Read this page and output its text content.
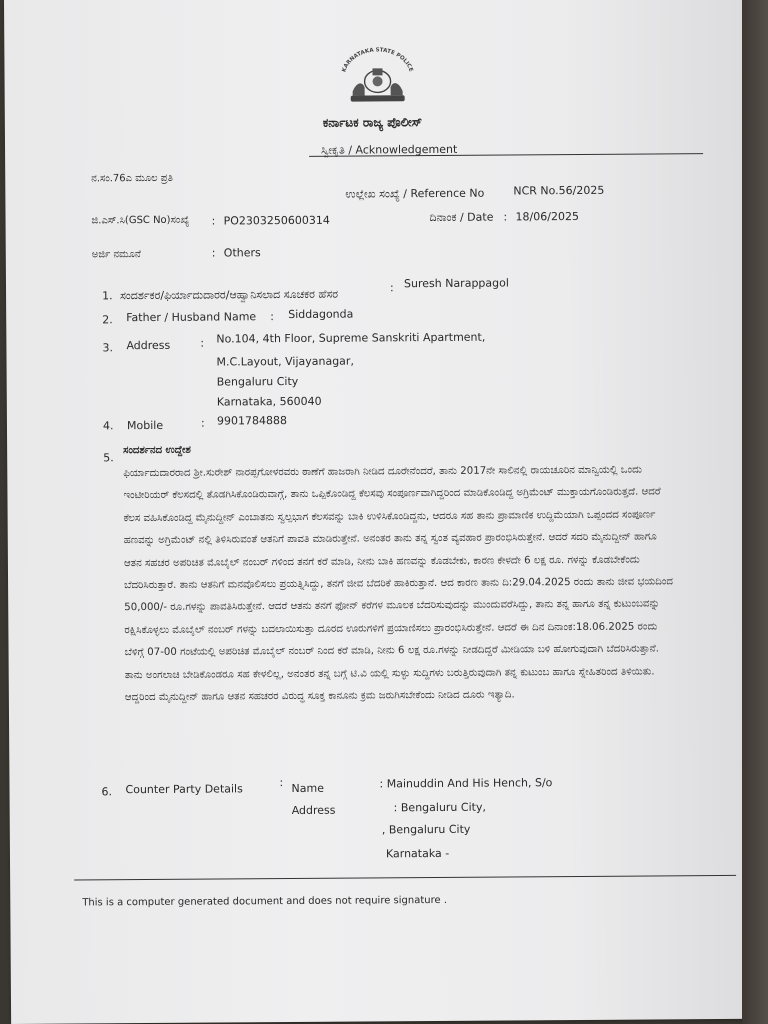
KARNATAKA STATE POLICE
ಕರ್ನಾಟಕ ರಾಜ್ಯ ಪೊಲೀಸ್
ಸ್ವೀಕೃತಿ / Acknowledgement
ನ.ಸಂ.76ಎ ಮೂಲ ಪ್ರತಿ
ಉಲ್ಲೇಖ ಸಂಖ್ಯೆ / Reference No	NCR No.56/2025
ಜಿ.ಎಸ್.ಸಿ(GSC No)ಸಂಖ್ಯೆ : PO2303250600314	ದಿನಾಂಕ / Date : 18/06/2025
ಅರ್ಜಿ ನಮೂನೆ	: Others
1. ಸಂದರ್ಶಕರ/ಫಿರ್ಯಾದುದಾರರ/ಆಹ್ವಾನಿಸಲಾದ ಸೂಚಕರ ಹೆಸರ	: Suresh Narappagol
2. Father / Husband Name : Siddagonda
3. Address	: No.104, 4th Floor, Supreme Sanskriti Apartment,
M.C.Layout, Vijayanagar,
Bengaluru City
Karnataka, 560040
4. Mobile	: 9901784888
5.
ಸಂದರ್ಶನದ ಉದ್ದೇಶ
ಫಿರ್ಯಾದುದಾರರಾದ ಶ್ರೀ.ಸುರೇಶ್ ನಾರಪ್ಪಗೋಳರವರು ಠಾಣೆಗೆ ಹಾಜರಾಗಿ ನೀಡಿದ ದೂರೇನೆಂದರೆ, ತಾನು 2017ನೇ ಸಾಲಿನಲ್ಲಿ ರಾಯಚೂರಿನ ಮಾನ್ವಿಯಲ್ಲಿ ಒಂದು ಇಂಟೀರಿಯರ್ ಕೆಲಸದಲ್ಲಿ ತೊಡಗಿಸಿಕೊಂಡಿರುವಾಗ್ಗೆ, ತಾನು ಒಪ್ಪಿಕೊಂಡಿದ್ದ ಕೆಲಸವು ಸಂಪೂರ್ಣವಾಗಿದ್ದರಿಂದ ಮಾಡಿಕೊಂಡಿದ್ದ ಅಗ್ರಿಮೆಂಟ್ ಮುಕ್ತಾಯಗೊಂಡಿರುತ್ತದೆ. ಆದರೆ ಕೆಲಸ ವಹಿಸಿಕೊಂಡಿದ್ದ ಮೈನುದ್ದೀನ್ ಎಂಬಾತನು ಸ್ವಲ್ಪಭಾಗ ಕೆಲಸವನ್ನು ಬಾಕಿ ಉಳಿಸಿಕೊಂಡಿದ್ದನು, ಆದರೂ ಸಹ ತಾನು ಪ್ರಾಮಾಣಿಕ ಉದ್ದಿಮೆಯಾಗಿ ಒಪ್ಪಂದದ ಸಂಪೂರ್ಣ ಹಣವನ್ನು ಅಗ್ರಿಮೆಂಟ್ ನಲ್ಲಿ ತಿಳಿಸಿರುವಂತೆ ಆತನಿಗೆ ಪಾವತಿ ಮಾಡಿರುತ್ತೇನೆ. ಅನಂತರ ತಾನು ತನ್ನ ಸ್ವಂತ ವ್ಯವಹಾರ ಪ್ರಾರಂಭಿಸಿರುತ್ತೇನೆ. ಆದರೆ ಸದರಿ ಮೈನುದ್ದೀನ್ ಹಾಗೂ ಆತನ ಸಹಚರ ಅಪರಿಚಿತ ಮೊಬೈಲ್ ನಂಬರ್ ಗಳಿಂದ ತನಗೆ ಕರೆ ಮಾಡಿ, ನೀನು ಬಾಕಿ ಹಣವನ್ನು ಕೊಡಬೇಕು, ಕಾರಣ ಕೇಳದೇ 6 ಲಕ್ಷ ರೂ. ಗಳನ್ನು ಕೊಡಬೇಕೆಂದು ಬೆದರಿಸಿರುತ್ತಾರೆ. ತಾನು ಆತನಿಗೆ ಮನವೊಲಿಸಲು ಪ್ರಯತ್ನಿಸಿದ್ದು, ತನಗೆ ಜೀವ ಬೆದರಿಕೆ ಹಾಕಿರುತ್ತಾನೆ. ಆದ ಕಾರಣ ತಾನು ದಿ:29.04.2025 ರಂದು ತಾನು ಜೀವ ಭಯದಿಂದ 50,000/- ರೂ.ಗಳನ್ನು ಪಾವತಿಸಿರುತ್ತೇನೆ. ಆದರೆ ಆತನು ತನಗೆ ಫೋನ್ ಕರೆಗಳ ಮೂಲಕ ಬೆದರಿಸುವುದನ್ನು ಮುಂದುವರೆಸಿದ್ದು, ತಾನು ತನ್ನ ಹಾಗೂ ತನ್ನ ಕುಟುಂಬವನ್ನು ರಕ್ಷಿಸಿಕೊಳ್ಳಲು ಮೊಬೈಲ್ ನಂಬರ್ ಗಳನ್ನು ಬದಲಾಯಿಸುತ್ತಾ ದೂರದ ಊರುಗಳಿಗೆ ಪ್ರಯಾಣಿಸಲು ಪ್ರಾರಂಭಿಸಿರುತ್ತೇನೆ. ಆದರೆ ಈ ದಿನ ದಿನಾಂಕ:18.06.2025 ರಂದು ಬೆಳಿಗ್ಗೆ 07-00 ಗಂಟೆಯಲ್ಲಿ ಅಪರಿಚಿತ ಮೊಬೈಲ್ ನಂಬರ್ ನಿಂದ ಕರೆ ಮಾಡಿ, ನೀನು 6 ಲಕ್ಷ ರೂ.ಗಳನ್ನು ನೀಡದಿದ್ದರೆ ಮೀಡಿಯಾ ಬಳಿ ಹೋಗುವುದಾಗಿ ಬೆದರಿಸಿರುತ್ತಾನೆ. ತಾನು ಅಂಗಲಾಚಿ ಬೇಡಿಕೊಂಡರೂ ಸಹ ಕೇಳಲಿಲ್ಲ, ಅನಂತರ ತನ್ನ ಬಗ್ಗೆ ಟಿ.ವಿ ಯಲ್ಲಿ ಸುಳ್ಳು ಸುದ್ದಿಗಳು ಬರುತ್ತಿರುವುದಾಗಿ ತನ್ನ ಕುಟುಂಬ ಹಾಗೂ ಸ್ನೇಹಿತರಿಂದ ತಿಳಿಯಿತು. ಆದ್ದರಿಂದ ಮೈನುದ್ದೀನ್ ಹಾಗೂ ಆತನ ಸಹಚರರ ವಿರುದ್ಧ ಸೂಕ್ತ ಕಾನೂನು ಕ್ರಮ ಜರುಗಿಸಬೇಕೆಂದು ನೀಡಿದ ದೂರು ಇತ್ಯಾದಿ.
6. Counter Party Details	: Name	: Mainuddin And His Hench, S/o
Address	: Bengaluru City,
, Bengaluru City
Karnataka -
This is a computer generated document and does not require signature .
